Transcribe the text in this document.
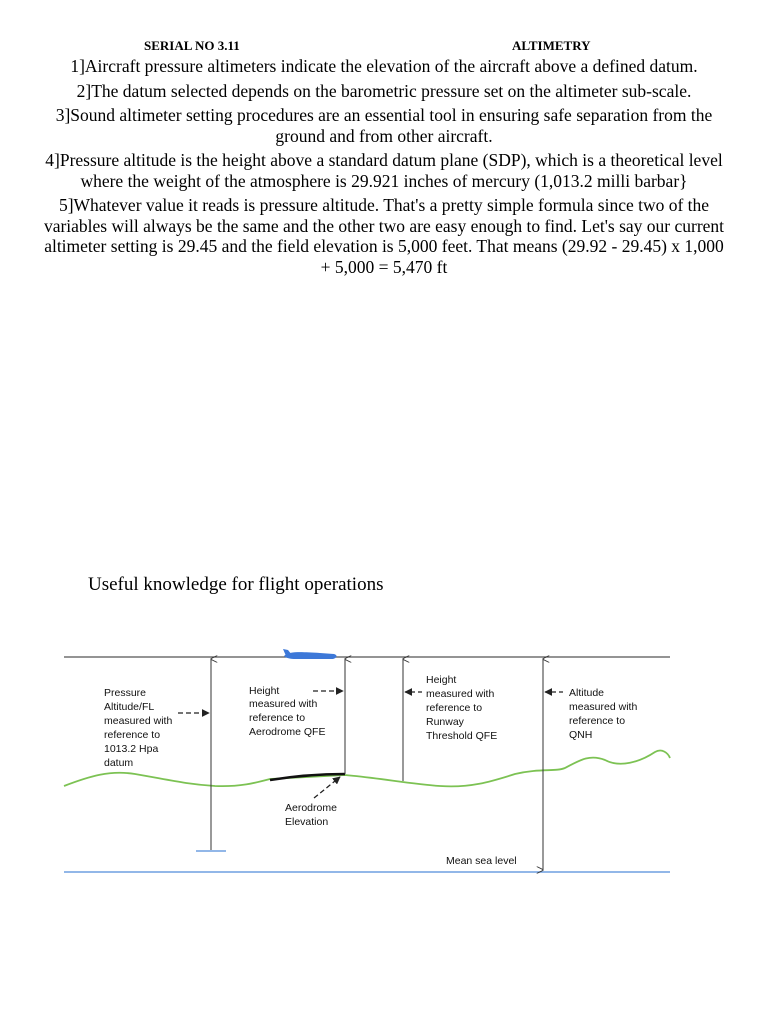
SERIAL NO 3.11	ALTIMETRY

1]Aircraft pressure altimeters indicate the elevation of the aircraft above a defined datum.

2]The datum selected depends on the barometric pressure set on the altimeter sub-scale.

3]Sound altimeter setting procedures are an essential tool in ensuring safe separation from the ground and from other aircraft.

4]Pressure altitude is the height above a standard datum plane (SDP), which is a theoretical level where the weight of the atmosphere is 29.921 inches of mercury (1,013.2 milli barbar}

5]Whatever value it reads is pressure altitude. That's a pretty simple formula since two of the variables will always be the same and the other two are easy enough to find. Let's say our current altimeter setting is 29.45 and the field elevation is 5,000 feet. That means (29.92 - 29.45) x 1,000 + 5,000 = 5,470 ft

Useful knowledge for flight operations
Pressure Altitude/FL measured with reference to 1013.2 Hpa datum
Height measured with reference to Aerodrome QFE
Height measured with reference to Runway Threshold QFE
Altitude measured with reference to QNH
Aerodrome Elevation
Mean sea level
